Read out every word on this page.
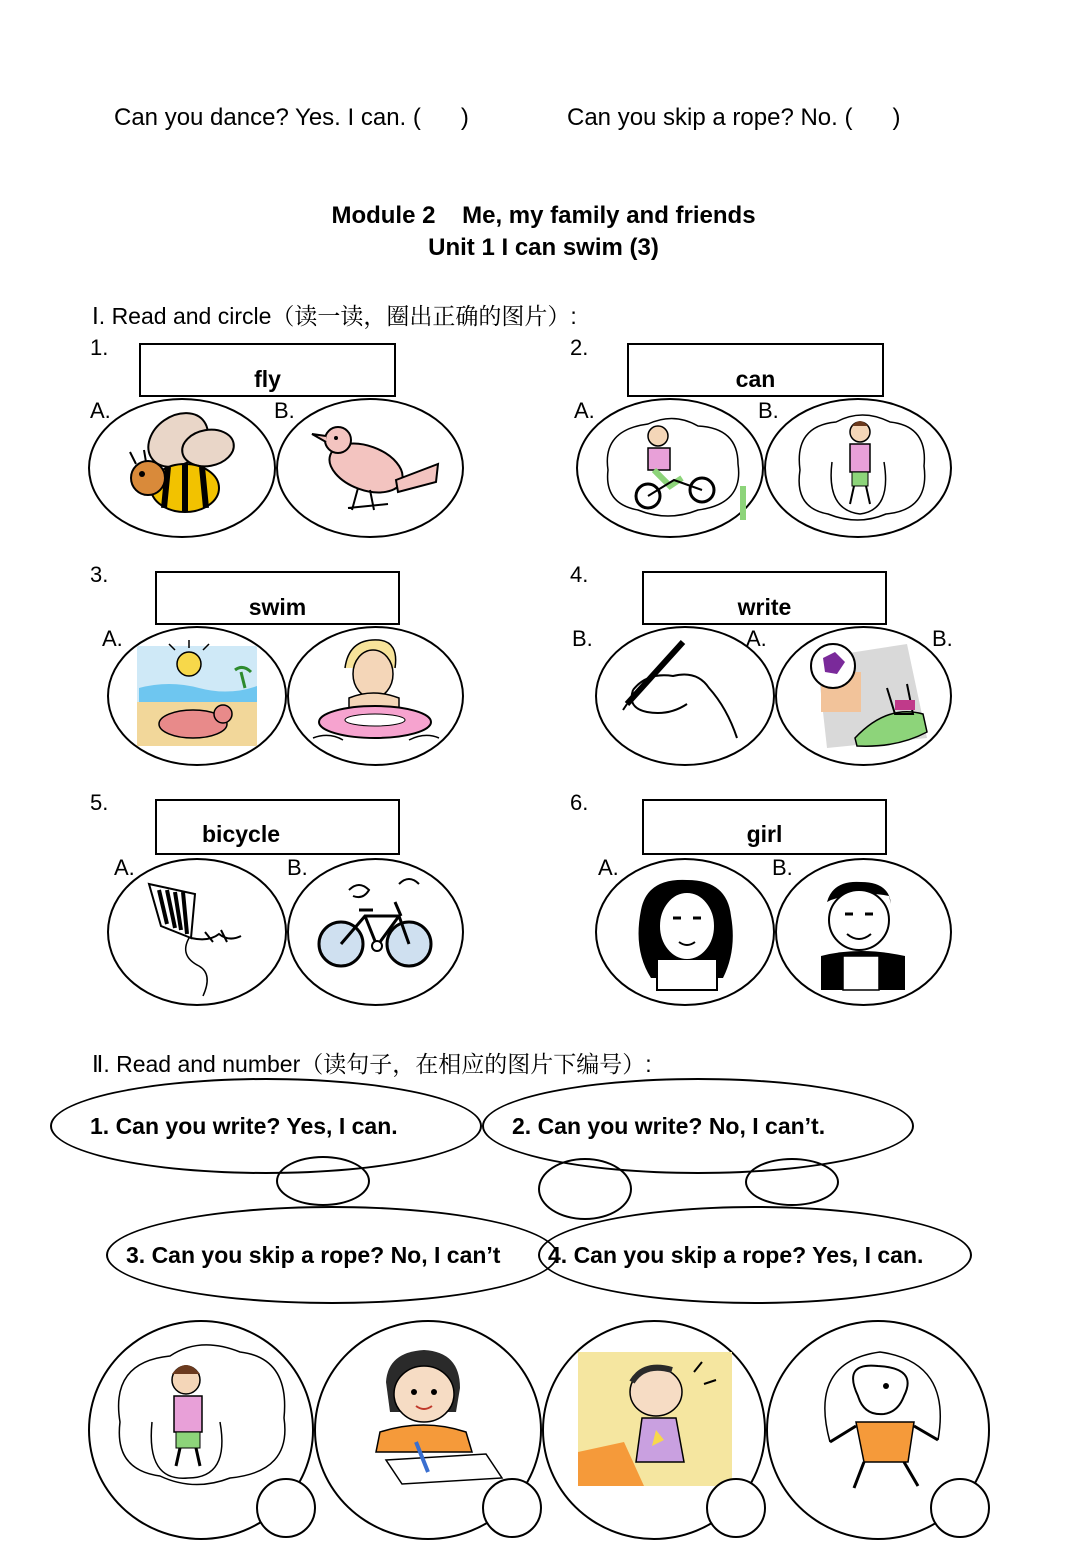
Can you dance? Yes. I can. (      )	Can you skip a rope? No. (      )
Module 2    Me, my family and friends
Unit 1 I can swim (3)
Ⅰ. Read and circle（读一读，圈出正确的图片）:
1.
fly
A.	B.
2.
can
A.	B.
3.
swim
A.
4.
write
B.	A.	B.
5.
bicycle
A.	B.
6.
girl
A.	B.
Ⅱ. Read and number（读句子，在相应的图片下编号）:
1. Can you write? Yes, I can.	2. Can you write? No, I can’t.
3. Can you skip a rope? No, I can’t 4. Can you skip a rope? Yes, I can.
